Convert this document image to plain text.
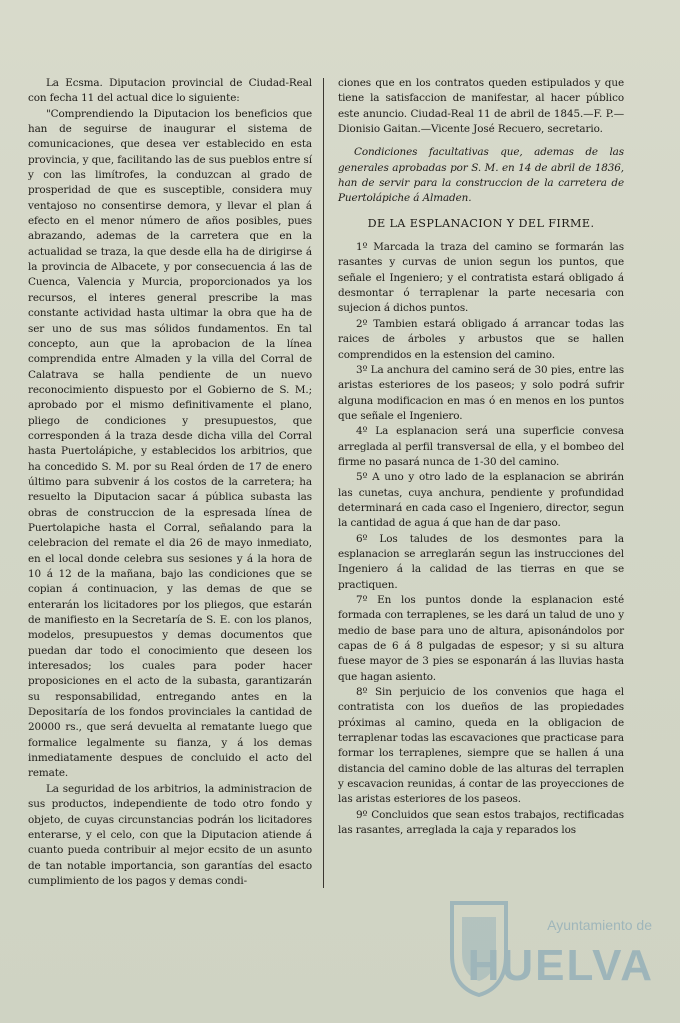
La Ecsma. Diputacion provincial de Ciudad-Real con fecha 11 del actual dice lo siguiente:

"Comprendiendo la Diputacion los beneficios que han de seguirse de inaugurar el sistema de comunicaciones, que desea ver establecido en esta provincia, y que, facilitando las de sus pueblos entre sí y con las limítrofes, la conduzcan al grado de prosperidad de que es susceptible, considera muy ventajoso no consentirse demora, y llevar el plan á efecto en el menor número de años posibles, pues abrazando, ademas de la carretera que en la actualidad se traza, la que desde ella ha de dirigirse á la provincia de Albacete, y por consecuencia á las de Cuenca, Valencia y Murcia, proporcionados ya los recursos, el interes general prescribe la mas constante actividad hasta ultimar la obra que ha de ser uno de sus mas sólidos fundamentos. En tal concepto, aun que la aprobacion de la línea comprendida entre Almaden y la villa del Corral de Calatrava se halla pendiente de un nuevo reconocimiento dispuesto por el Gobierno de S. M.; aprobado por el mismo definitivamente el plano, pliego de condiciones y presupuestos, que corresponden á la traza desde dicha villa del Corral hasta Puertolápiche, y establecidos los arbitrios, que ha concedido S. M. por su Real órden de 17 de enero último para subvenir á los costos de la carretera; ha resuelto la Diputacion sacar á pública subasta las obras de construccion de la espresada línea de Puertolapiche hasta el Corral, señalando para la celebracion del remate el dia 26 de mayo inmediato, en el local donde celebra sus sesiones y á la hora de 10 á 12 de la mañana, bajo las condiciones que se copian á continuacion, y las demas de que se enterarán los licitadores por los pliegos, que estarán de manifiesto en la Secretaría de S. E. con los planos, modelos, presupuestos y demas documentos que puedan dar todo el conocimiento que deseen los interesados; los cuales para poder hacer proposiciones en el acto de la subasta, garantizarán su responsabilidad, entregando antes en la Depositaría de los fondos provinciales la cantidad de 20000 rs., que será devuelta al rematante luego que formalice legalmente su fianza, y á los demas inmediatamente despues de concluido el acto del remate.

La seguridad de los arbitrios, la administracion de sus productos, independiente de todo otro fondo y objeto, de cuyas circunstancias podrán los licitadores enterarse, y el celo, con que la Diputacion atiende á cuanto pueda contribuir al mejor ecsito de un asunto de tan notable importancia, son garantías del esacto cumplimiento de los pagos y demas condi-

ciones que en los contratos queden estipulados y que tiene la satisfaccion de manifestar, al hacer público este anuncio. Ciudad-Real 11 de abril de 1845.—F. P.—Dionisio Gaitan.—Vicente José Recuero, secretario.

Condiciones facultativas que, ademas de las generales aprobadas por S. M. en 14 de abril de 1836, han de servir para la construccion de la carretera de Puertolápiche á Almaden.

DE LA ESPLANACION Y DEL FIRME.

1º Marcada la traza del camino se formarán las rasantes y curvas de union segun los puntos, que señale el Ingeniero; y el contratista estará obligado á desmontar ó terraplenar la parte necesaria con sujecion á dichos puntos.

2º Tambien estará obligado á arrancar todas las raices de árboles y arbustos que se hallen comprendidos en la estension del camino.

3º La anchura del camino será de 30 pies, entre las aristas esteriores de los paseos; y solo podrá sufrir alguna modificacion en mas ó en menos en los puntos que señale el Ingeniero.

4º La esplanacion será una superficie convesa arreglada al perfil transversal de ella, y el bombeo del firme no pasará nunca de 1-30 del camino.

5º A uno y otro lado de la esplanacion se abrirán las cunetas, cuya anchura, pendiente y profundidad determinará en cada caso el Ingeniero, director, segun la cantidad de agua á que han de dar paso.

6º Los taludes de los desmontes para la esplanacion se arreglarán segun las instrucciones del Ingeniero á la calidad de las tierras en que se practiquen.

7º En los puntos donde la esplanacion esté formada con terraplenes, se les dará un talud de uno y medio de base para uno de altura, apisonándolos por capas de 6 á 8 pulgadas de espesor; y si su altura fuese mayor de 3 pies se esponarán á las lluvias hasta que hagan asiento.

8º Sin perjuicio de los convenios que haga el contratista con los dueños de las propiedades próximas al camino, queda en la obligacion de terraplenar todas las escavaciones que practicase para formar los terraplenes, siempre que se hallen á una distancia del camino doble de las alturas del terraplen y escavacion reunidas, á contar de las proyecciones de las aristas esteriores de los paseos.

9º Concluidos que sean estos trabajos, rectificadas las rasantes, arreglada la caja y reparados los

Ayuntamiento de
HUELVA
